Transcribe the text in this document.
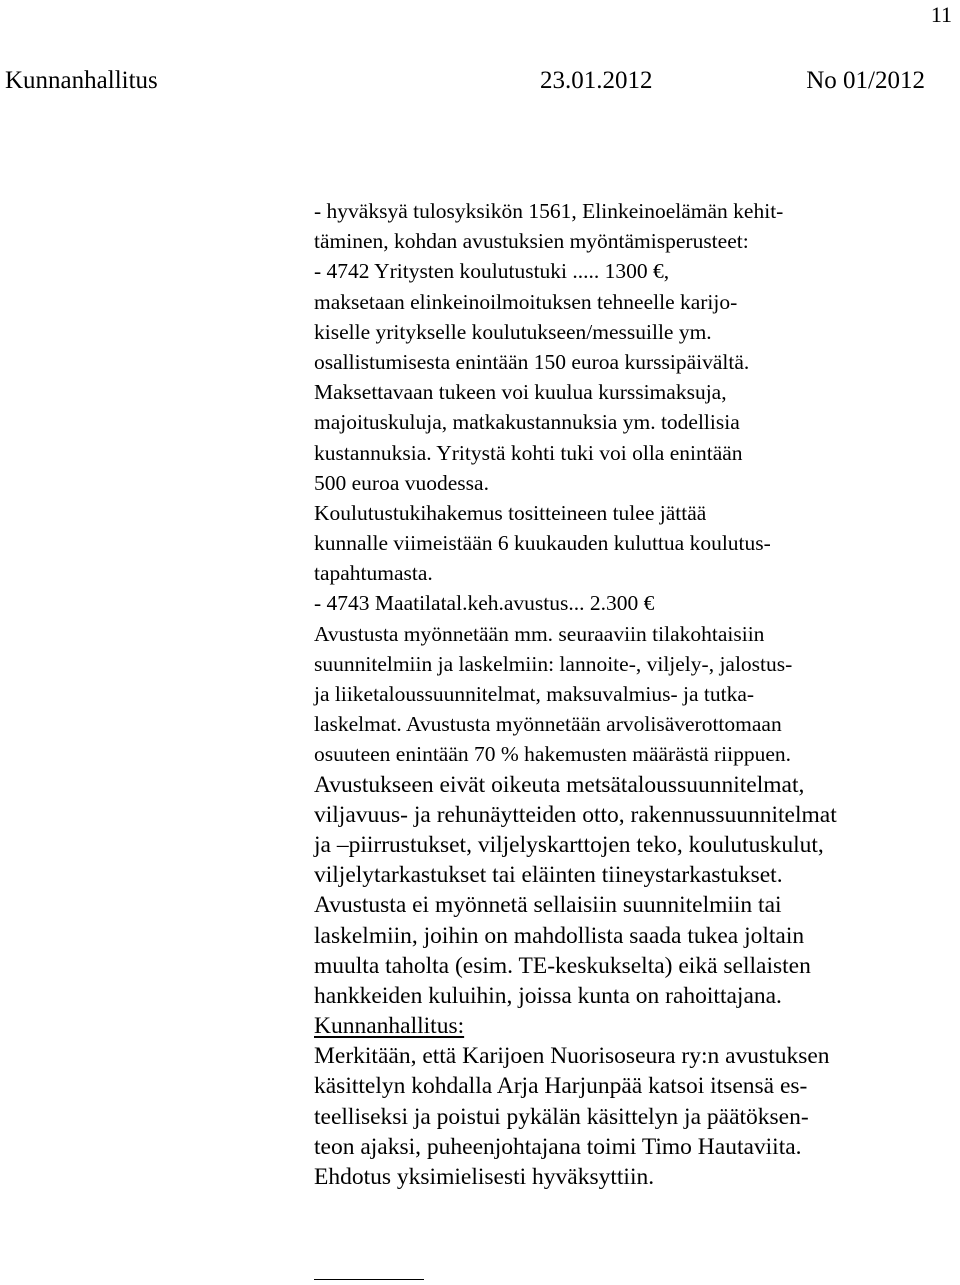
11
Kunnanhallitus	23.01.2012	No 01/2012
- hyväksyä tulosyksikön 1561, Elinkeinoelämän kehit-
täminen, kohdan avustuksien myöntämisperusteet:
- 4742 Yritysten koulutustuki ..... 1300 €,
maksetaan elinkeinoilmoituksen tehneelle karijo-
kiselle yritykselle koulutukseen/messuille ym.
osallistumisesta enintään 150 euroa kurssipäivältä.
Maksettavaan tukeen voi kuulua kurssimaksuja,
majoituskuluja, matkakustannuksia ym. todellisia
kustannuksia. Yritystä kohti tuki voi olla enintään
500 euroa vuodessa.
Koulutustukihakemus tositteineen tulee jättää
kunnalle viimeistään 6 kuukauden kuluttua koulutus-
tapahtumasta.
- 4743 Maatilatal.keh.avustus... 2.300 €
Avustusta myönnetään mm. seuraaviin tilakohtaisiin
suunnitelmiin ja laskelmiin: lannoite-, viljely-, jalostus-
ja liiketaloussuunnitelmat, maksuvalmius- ja tutka-
laskelmat. Avustusta myönnetään arvolisäverottomaan
osuuteen enintään 70 % hakemusten määrästä riippuen.
Avustukseen eivät oikeuta metsätaloussuunnitelmat,
viljavuus- ja rehunäytteiden otto, rakennussuunnitelmat
ja –piirrustukset, viljelyskarttojen teko, koulutuskulut,
viljelytarkastukset tai eläinten tiineystarkastukset.
Avustusta ei myönnetä sellaisiin suunnitelmiin tai
laskelmiin, joihin on mahdollista saada tukea joltain
muulta taholta (esim. TE-keskukselta) eikä sellaisten
hankkeiden kuluihin, joissa kunta on rahoittajana.
Kunnanhallitus:
Merkitään, että Karijoen Nuorisoseura ry:n avustuksen
käsittelyn kohdalla Arja Harjunpää katsoi itsensä es-
teelliseksi ja poistui pykälän käsittelyn ja päätöksen-
teon ajaksi, puheenjohtajana toimi Timo Hautaviita.
Ehdotus yksimielisesti hyväksyttiin.
